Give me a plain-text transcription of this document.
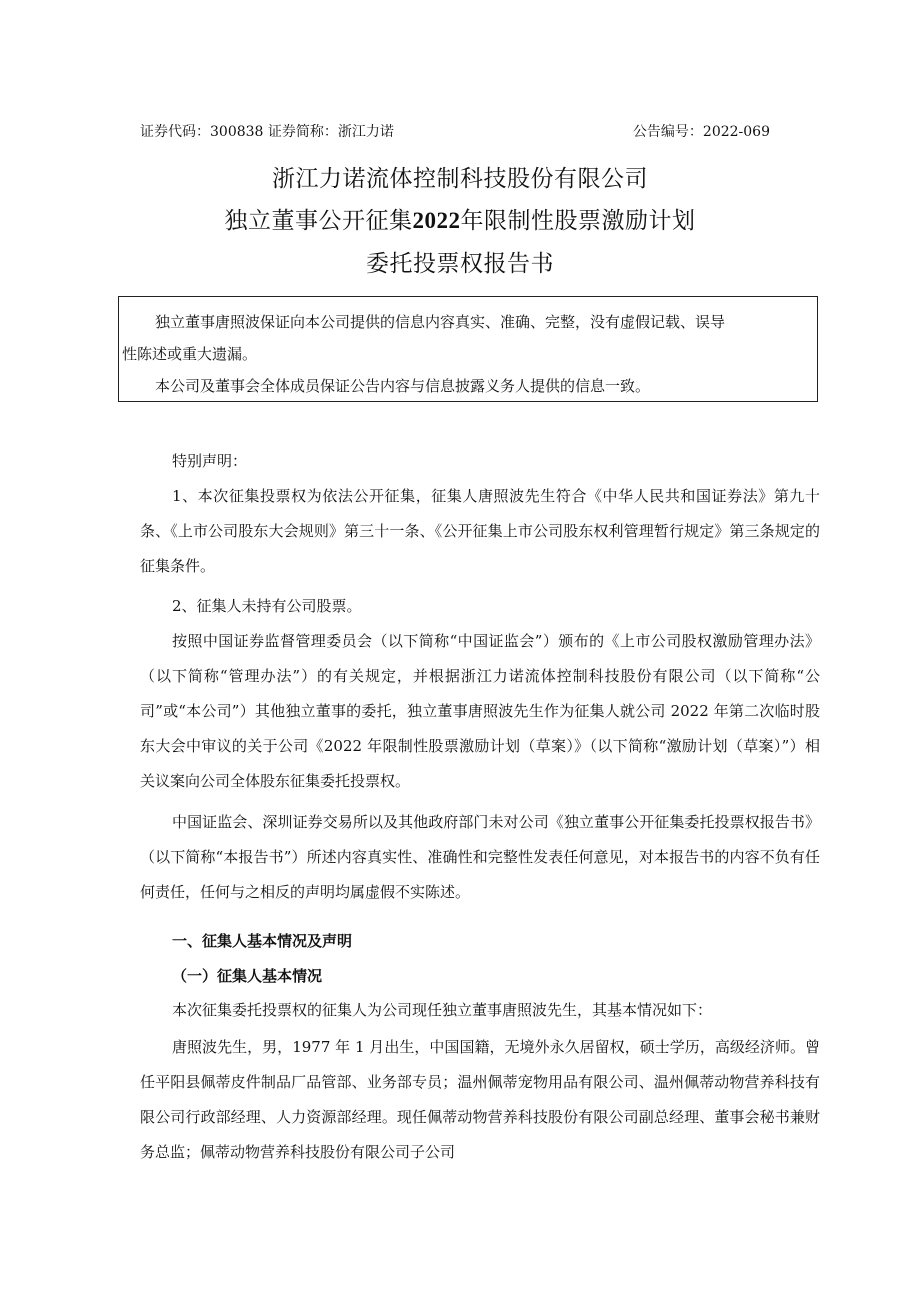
证券代码：300838 证券简称：浙江力诺	公告编号：2022-069
浙江力诺流体控制科技股份有限公司
独立董事公开征集2022年限制性股票激励计划
委托投票权报告书

独立董事唐照波保证向本公司提供的信息内容真实、准确、完整，没有虚假记载、误导

性陈述或重大遗漏。

本公司及董事会全体成员保证公告内容与信息披露义务人提供的信息一致。

特别声明：

1、本次征集投票权为依法公开征集，征集人唐照波先生符合《中华人民共和国证券法》第九十条、《上市公司股东大会规则》第三十一条、《公开征集上市公司股东权利管理暂行规定》第三条规定的征集条件。

2、征集人未持有公司股票。

按照中国证券监督管理委员会（以下简称“中国证监会”）颁布的《上市公司股权激励管理办法》（以下简称“管理办法”）的有关规定，并根据浙江力诺流体控制科技股份有限公司（以下简称“公司”或“本公司”）其他独立董事的委托，独立董事唐照波先生作为征集人就公司 2022 年第二次临时股东大会中审议的关于公司《2022 年限制性股票激励计划（草案）》（以下简称“激励计划（草案）”）相关议案向公司全体股东征集委托投票权。

中国证监会、深圳证券交易所以及其他政府部门未对公司《独立董事公开征集委托投票权报告书》（以下简称“本报告书”）所述内容真实性、准确性和完整性发表任何意见，对本报告书的内容不负有任何责任，任何与之相反的声明均属虚假不实陈述。

一、征集人基本情况及声明

（一）征集人基本情况

本次征集委托投票权的征集人为公司现任独立董事唐照波先生，其基本情况如下：

唐照波先生，男，1977 年 1 月出生，中国国籍，无境外永久居留权，硕士学历，高级经济师。曾任平阳县佩蒂皮件制品厂品管部、业务部专员；温州佩蒂宠物用品有限公司、温州佩蒂动物营养科技有限公司行政部经理、人力资源部经理。现任佩蒂动物营养科技股份有限公司副总经理、董事会秘书兼财务总监；佩蒂动物营养科技股份有限公司子公司
